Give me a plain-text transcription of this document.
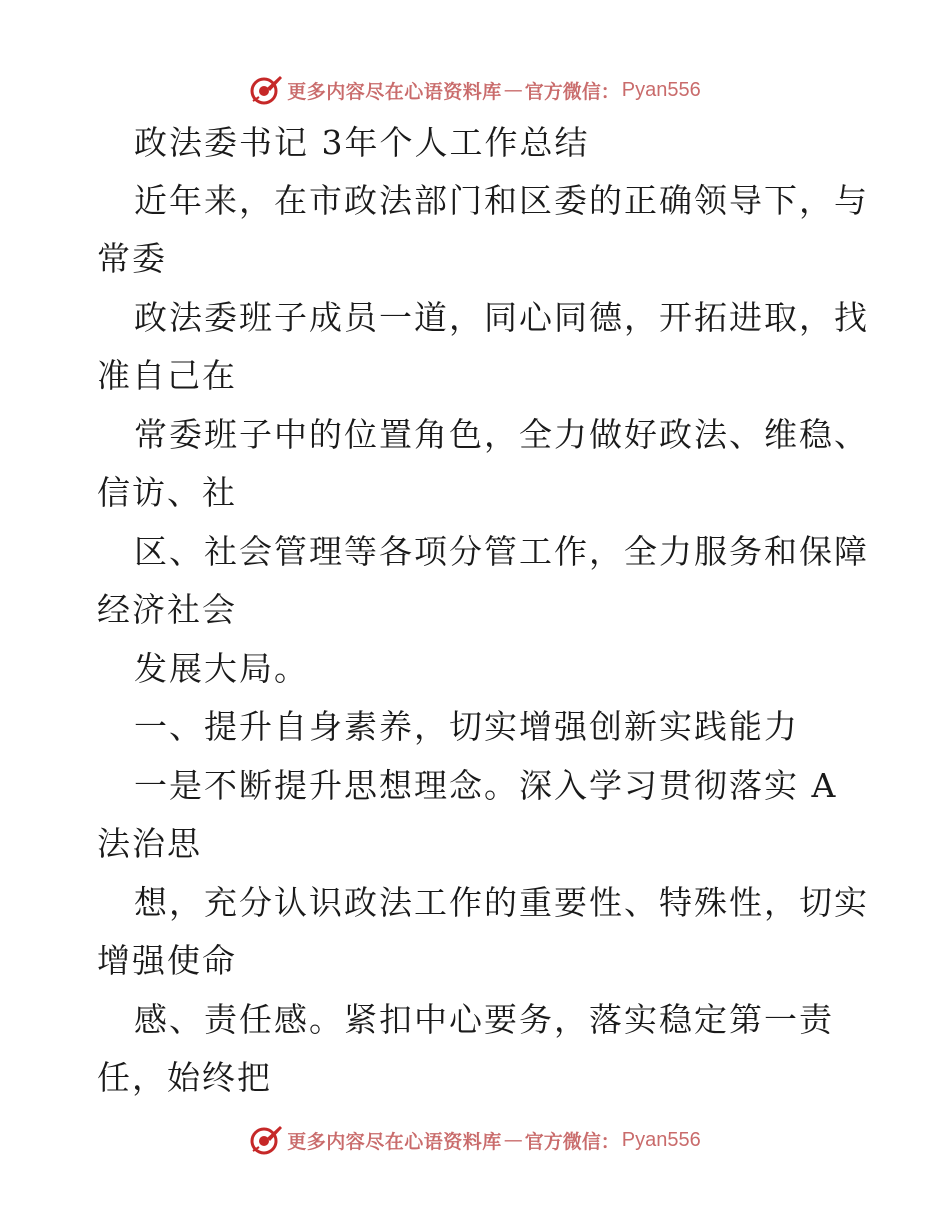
更多内容尽在心语资料库 — 官方微信： Pyan556
政法委书记 3年个人工作总结
近年来，在市政法部门和区委的正确领导下，与
常委
政法委班子成员一道，同心同德，开拓进取，找
准自己在
常委班子中的位置角色，全力做好政法、维稳、
信访、社
区、社会管理等各项分管工作，全力服务和保障
经济社会
发展大局。
一、提升自身素养，切实增强创新实践能力
一是不断提升思想理念。深入学习贯彻落实 A
法治思
想，充分认识政法工作的重要性、特殊性，切实
增强使命
感、责任感。紧扣中心要务，落实稳定第一责
任，始终把
更多内容尽在心语资料库 — 官方微信： Pyan556
